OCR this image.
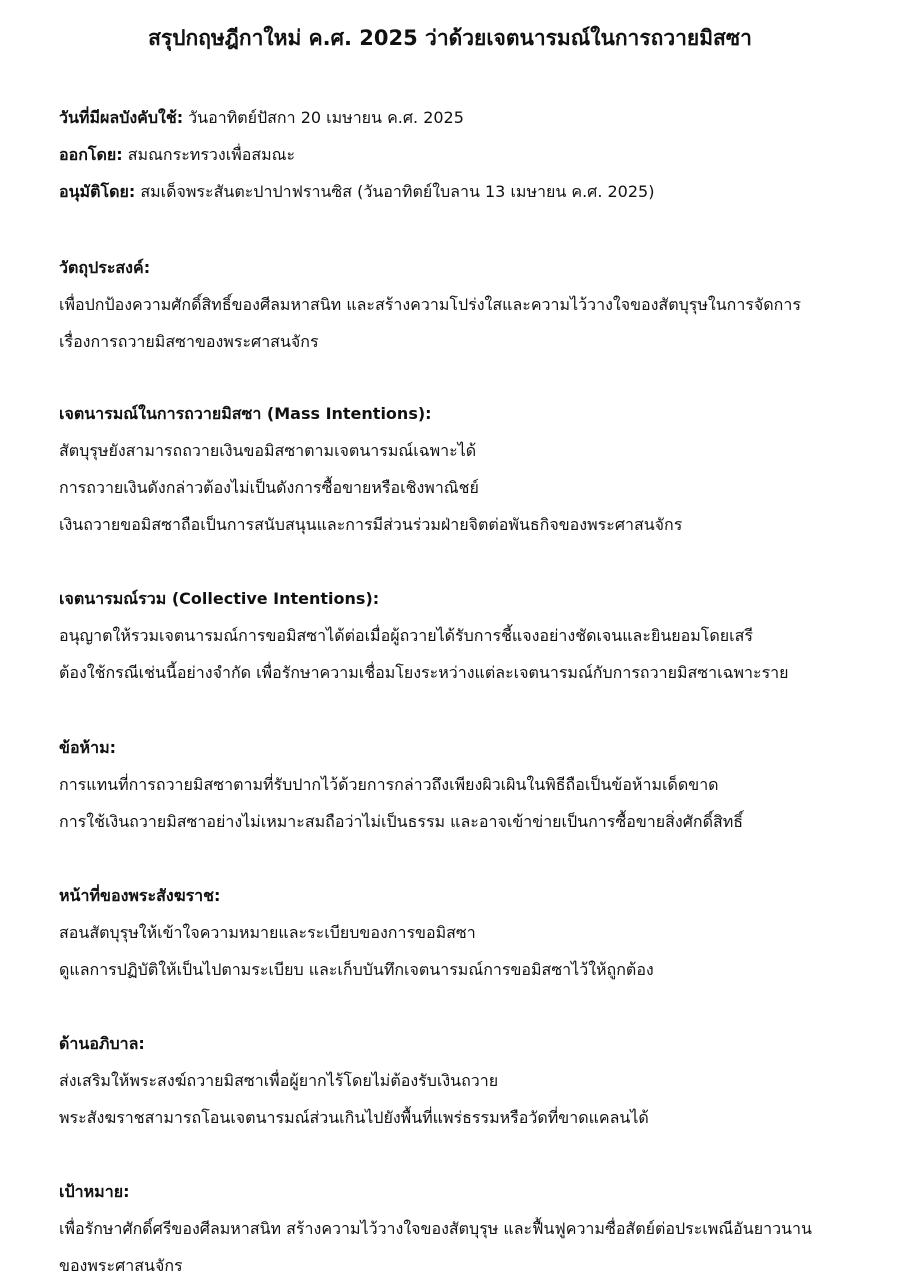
สรุปกฤษฎีกาใหม่ ค.ศ. 2025 ว่าด้วยเจตนารมณ์ในการถวายมิสซา
วันที่มีผลบังคับใช้: วันอาทิตย์ปัสกา 20 เมษายน ค.ศ. 2025
ออกโดย: สมณกระทรวงเพื่อสมณะ
อนุมัติโดย: สมเด็จพระสันตะปาปาฟรานซิส (วันอาทิตย์ใบลาน 13 เมษายน ค.ศ. 2025)
วัตถุประสงค์:
เพื่อปกป้องความศักดิ์สิทธิ์ของศีลมหาสนิท และสร้างความโปร่งใสและความไว้วางใจของสัตบุรุษในการจัดการ
เรื่องการถวายมิสซาของพระศาสนจักร
เจตนารมณ์ในการถวายมิสซา (Mass Intentions):
สัตบุรุษยังสามารถถวายเงินขอมิสซาตามเจตนารมณ์เฉพาะได้
การถวายเงินดังกล่าวต้องไม่เป็นดังการซื้อขายหรือเชิงพาณิชย์
เงินถวายขอมิสซาถือเป็นการสนับสนุนและการมีส่วนร่วมฝ่ายจิตต่อพันธกิจของพระศาสนจักร
เจตนารมณ์รวม (Collective Intentions):
อนุญาตให้รวมเจตนารมณ์การขอมิสซาได้ต่อเมื่อผู้ถวายได้รับการชี้แจงอย่างชัดเจนและยินยอมโดยเสรี
ต้องใช้กรณีเช่นนี้อย่างจำกัด เพื่อรักษาความเชื่อมโยงระหว่างแต่ละเจตนารมณ์กับการถวายมิสซาเฉพาะราย
ข้อห้าม:
การแทนที่การถวายมิสซาตามที่รับปากไว้ด้วยการกล่าวถึงเพียงผิวเผินในพิธีถือเป็นข้อห้ามเด็ดขาด
การใช้เงินถวายมิสซาอย่างไม่เหมาะสมถือว่าไม่เป็นธรรม และอาจเข้าข่ายเป็นการซื้อขายสิ่งศักดิ์สิทธิ์
หน้าที่ของพระสังฆราช:
สอนสัตบุรุษให้เข้าใจความหมายและระเบียบของการขอมิสซา
ดูแลการปฏิบัติให้เป็นไปตามระเบียบ และเก็บบันทึกเจตนารมณ์การขอมิสซาไว้ให้ถูกต้อง
ด้านอภิบาล:
ส่งเสริมให้พระสงฆ์ถวายมิสซาเพื่อผู้ยากไร้โดยไม่ต้องรับเงินถวาย
พระสังฆราชสามารถโอนเจตนารมณ์ส่วนเกินไปยังพื้นที่แพร่ธรรมหรือวัดที่ขาดแคลนได้
เป้าหมาย:
เพื่อรักษาศักดิ์ศรีของศีลมหาสนิท สร้างความไว้วางใจของสัตบุรุษ และฟื้นฟูความซื่อสัตย์ต่อประเพณีอันยาวนาน
ของพระศาสนจักร
